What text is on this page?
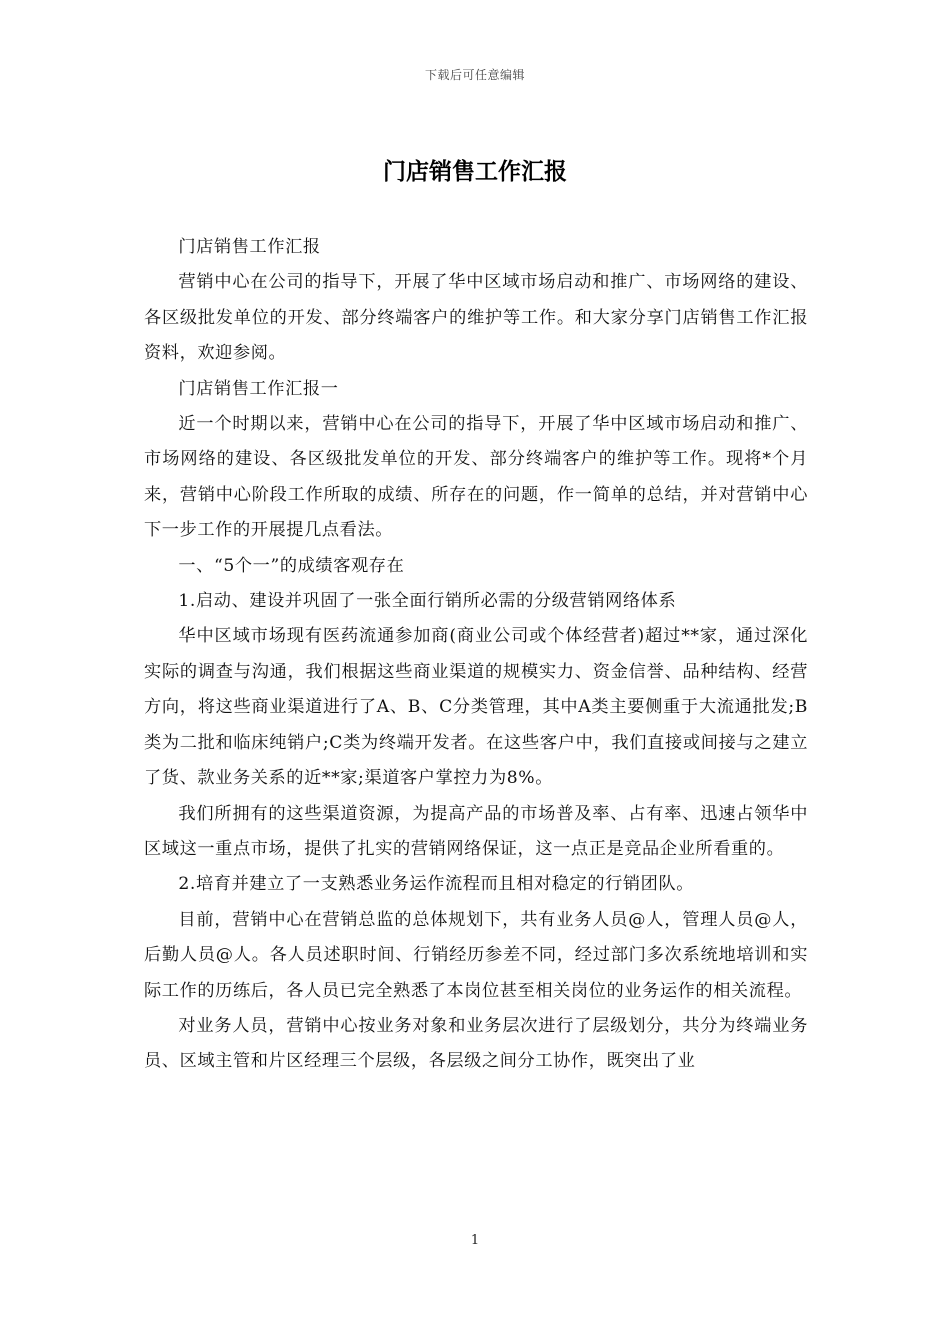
下载后可任意编辑
门店销售工作汇报

门店销售工作汇报

营销中心在公司的指导下，开展了华中区域市场启动和推广、市场网络的建设、各区级批发单位的开发、部分终端客户的维护等工作。和大家分享门店销售工作汇报资料，欢迎参阅。

门店销售工作汇报一

近一个时期以来，营销中心在公司的指导下，开展了华中区域市场启动和推广、市场网络的建设、各区级批发单位的开发、部分终端客户的维护等工作。现将*个月来，营销中心阶段工作所取的成绩、所存在的问题，作一简单的总结，并对营销中心下一步工作的开展提几点看法。

一、“5个一”的成绩客观存在

1.启动、建设并巩固了一张全面行销所必需的分级营销网络体系

华中区域市场现有医药流通参加商(商业公司或个体经营者)超过**家，通过深化实际的调查与沟通，我们根据这些商业渠道的规模实力、资金信誉、品种结构、经营方向，将这些商业渠道进行了A、B、C分类管理，其中A类主要侧重于大流通批发;B类为二批和临床纯销户;C类为终端开发者。在这些客户中，我们直接或间接与之建立了货、款业务关系的近**家;渠道客户掌控力为8%。

我们所拥有的这些渠道资源，为提高产品的市场普及率、占有率、迅速占领华中区域这一重点市场，提供了扎实的营销网络保证，这一点正是竞品企业所看重的。

2.培育并建立了一支熟悉业务运作流程而且相对稳定的行销团队。

目前，营销中心在营销总监的总体规划下，共有业务人员@人，管理人员@人，后勤人员@人。各人员述职时间、行销经历参差不同，经过部门多次系统地培训和实际工作的历练后，各人员已完全熟悉了本岗位甚至相关岗位的业务运作的相关流程。

对业务人员，营销中心按业务对象和业务层次进行了层级划分，共分为终端业务员、区域主管和片区经理三个层级，各层级之间分工协作，既突出了业

1
